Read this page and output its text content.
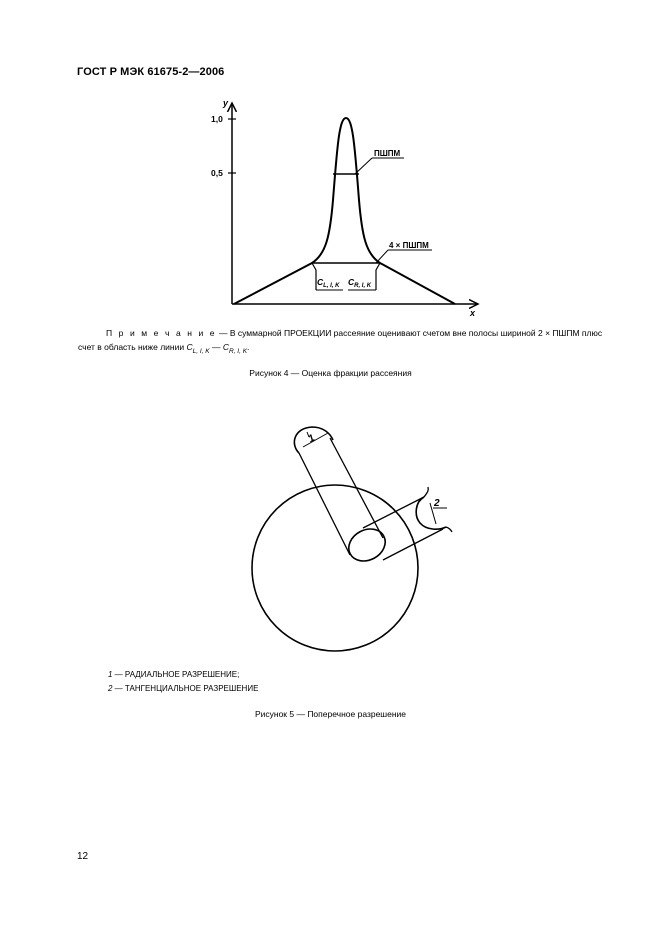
ГОСТ Р МЭК 61675-2—2006
y
x
1,0
0,5
ПШПМ
4 × ПШПМ
$C_{L, I, K}$ $C_{R, I, K}$
П р и м е ч а н и е — В суммарной ПРОЕКЦИИ рассеяние оценивают счетом вне полосы шириной 2 × ПШПМ плюс счет в область ниже линии $C_{L, I, K}$ — $C_{R, I, K}$.
Рисунок 4 — Оценка фракции рассеяния
1
2
1 — РАДИАЛЬНОЕ РАЗРЕШЕНИЕ;
2 — ТАНГЕНЦИАЛЬНОЕ РАЗРЕШЕНИЕ
Рисунок 5 — Поперечное разрешение
12
